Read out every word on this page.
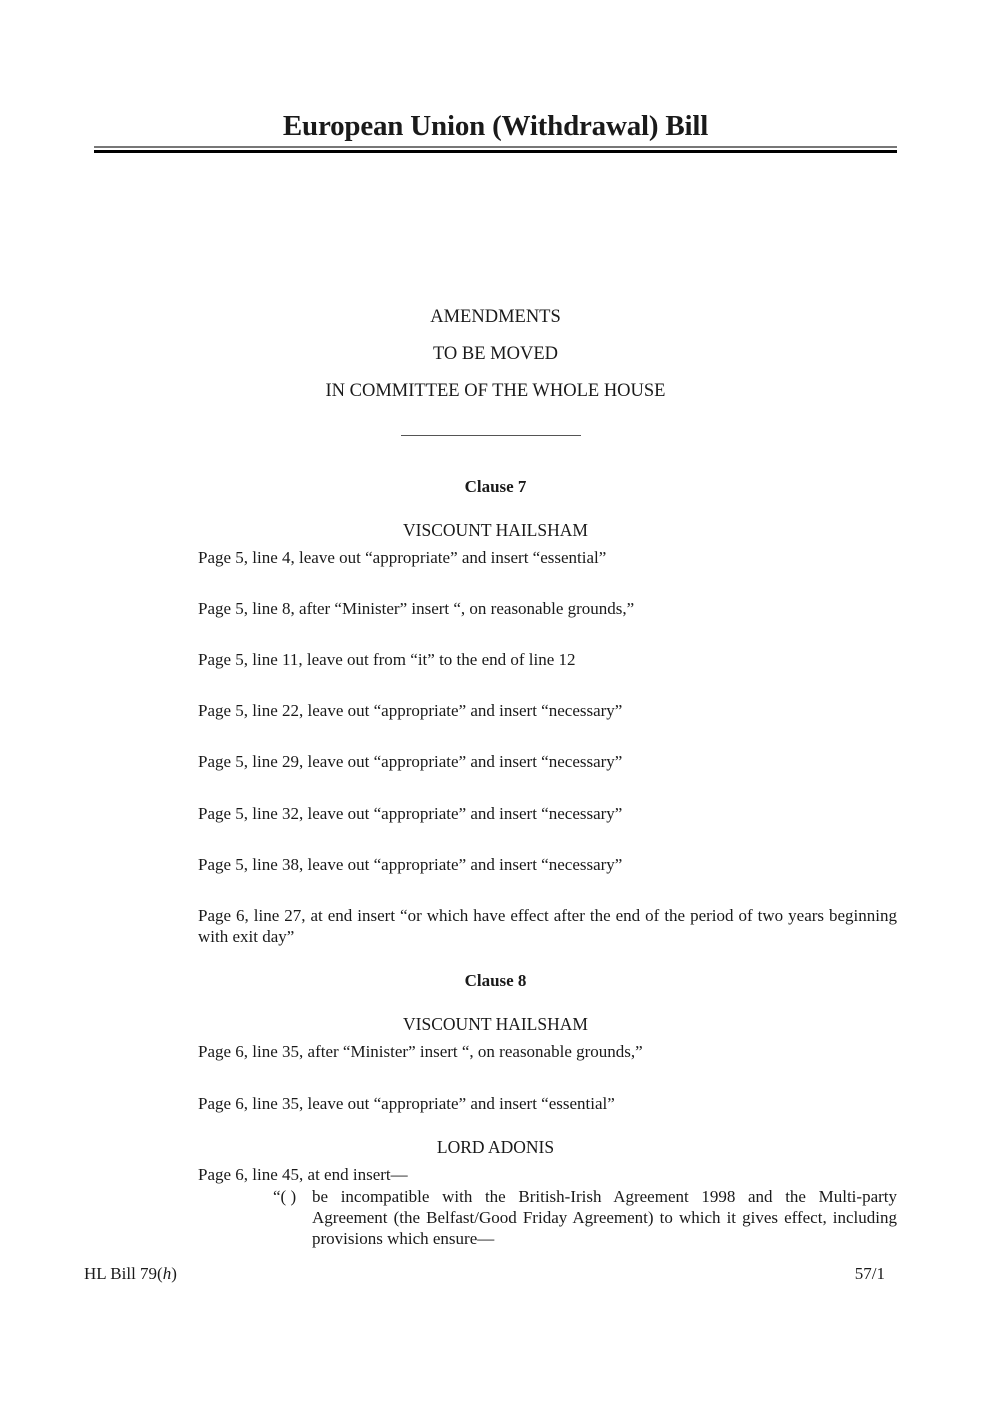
European Union (Withdrawal) Bill
AMENDMENTS
TO BE MOVED
IN COMMITTEE OF THE WHOLE HOUSE
Clause 7
VISCOUNT HAILSHAM
Page 5, line 4, leave out “appropriate” and insert “essential”
Page 5, line 8, after “Minister” insert “, on reasonable grounds,”
Page 5, line 11, leave out from “it” to the end of line 12
Page 5, line 22, leave out “appropriate” and insert “necessary”
Page 5, line 29, leave out “appropriate” and insert “necessary”
Page 5, line 32, leave out “appropriate” and insert “necessary”
Page 5, line 38, leave out “appropriate” and insert “necessary”
Page 6, line 27, at end insert “or which have effect after the end of the period of two years beginning with exit day”
Clause 8
VISCOUNT HAILSHAM
Page 6, line 35, after “Minister” insert “, on reasonable grounds,”
Page 6, line 35, leave out “appropriate” and insert “essential”
LORD ADONIS
Page 6, line 45, at end insert—
“( ) be incompatible with the British-Irish Agreement 1998 and the Multi-party Agreement (the Belfast/Good Friday Agreement) to which it gives effect, including provisions which ensure—
HL Bill 79(h)	57/1
